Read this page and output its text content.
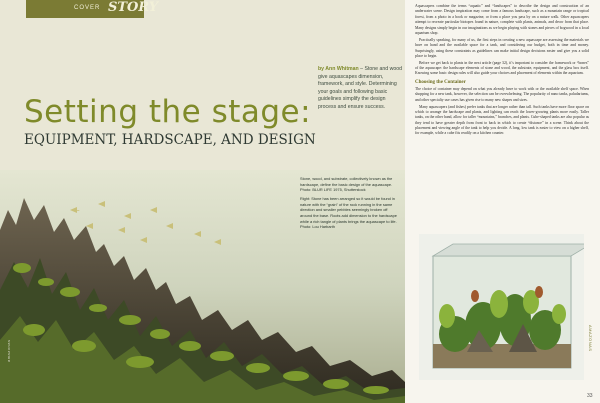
COVER STORY
Setting the stage:
EQUIPMENT, HARDSCAPE, AND DESIGN
by Ann Whitman – Stone and wood give aquascapes dimension, framework, and style. Determining your goals and following basic guidelines simplify the design process and ensure success.

Stone, wood, and substrate, collectively known as the hardscape, define the basic design of the aquascape. Photo: BLUR LIFE 1975, Shutterstock

Right: Stone has been arranged so it would be found in nature with the “grain” of the rock running in the same direction and smaller pebbles seemingly broken off around the base. Roots add dimension to the hardscape while a rich tangle of plants brings the aquascape to life. Photo: Lou Harbarth

amazonas

Aquascapers combine the terms “aquatic” and “landscapes” to describe the design and construction of an underwater scene. Design inspiration may come from a famous landscape, such as a mountain range or tropical forest, from a photo in a book or magazine, or from a place you pass by on a nature walk. Other aquascapers attempt to recreate particular biotopes found in nature, complete with plants, animals, and decor from that place. Many designs simply begin in our imaginations as we begin playing with stones and pieces of bogwood in a local aquarium shop.

Practically speaking, for many of us, the first steps in creating a new aquascape are assessing the materials we have on hand and the available space for a tank, and considering our budget, both in time and money. Surprisingly, using these constraints as guidelines can make initial design decisions easier and give you a solid place to begin.

Before we get back to plants in the next article (page 32), it’s important to consider the framework or “bones” of the aquascape: the hardscape elements of stone and wood, the substrate, equipment, and the glass box itself. Knowing some basic design rules will also guide your choices and placement of elements within the aquarium.

Choosing the Container

The choice of container may depend on what you already have to work with or the available shelf space. When shopping for a new tank, however, the selection can be overwhelming. The popularity of nano tanks, paludariums, and other specialty use cases has given rise to many new shapes and sizes.

Many aquascapers (and fishes) prefer tanks that are longer rather than tall. Such tanks have more floor space on which to arrange the hardscape and plants, and lighting can reach the lower-growing plants more easily. Taller tanks, on the other hand, allow for taller “mountains,” branches, and plants. Cube-shaped tanks are also popular as they tend to have greater depth from front to back in which to create “distance” in a scene. Think about the placement and viewing angle of the tank to help you decide. A long, low tank is easier to view on a higher shelf, for example, while a cube fits readily on a kitchen counter.

AMAZONAS
33
